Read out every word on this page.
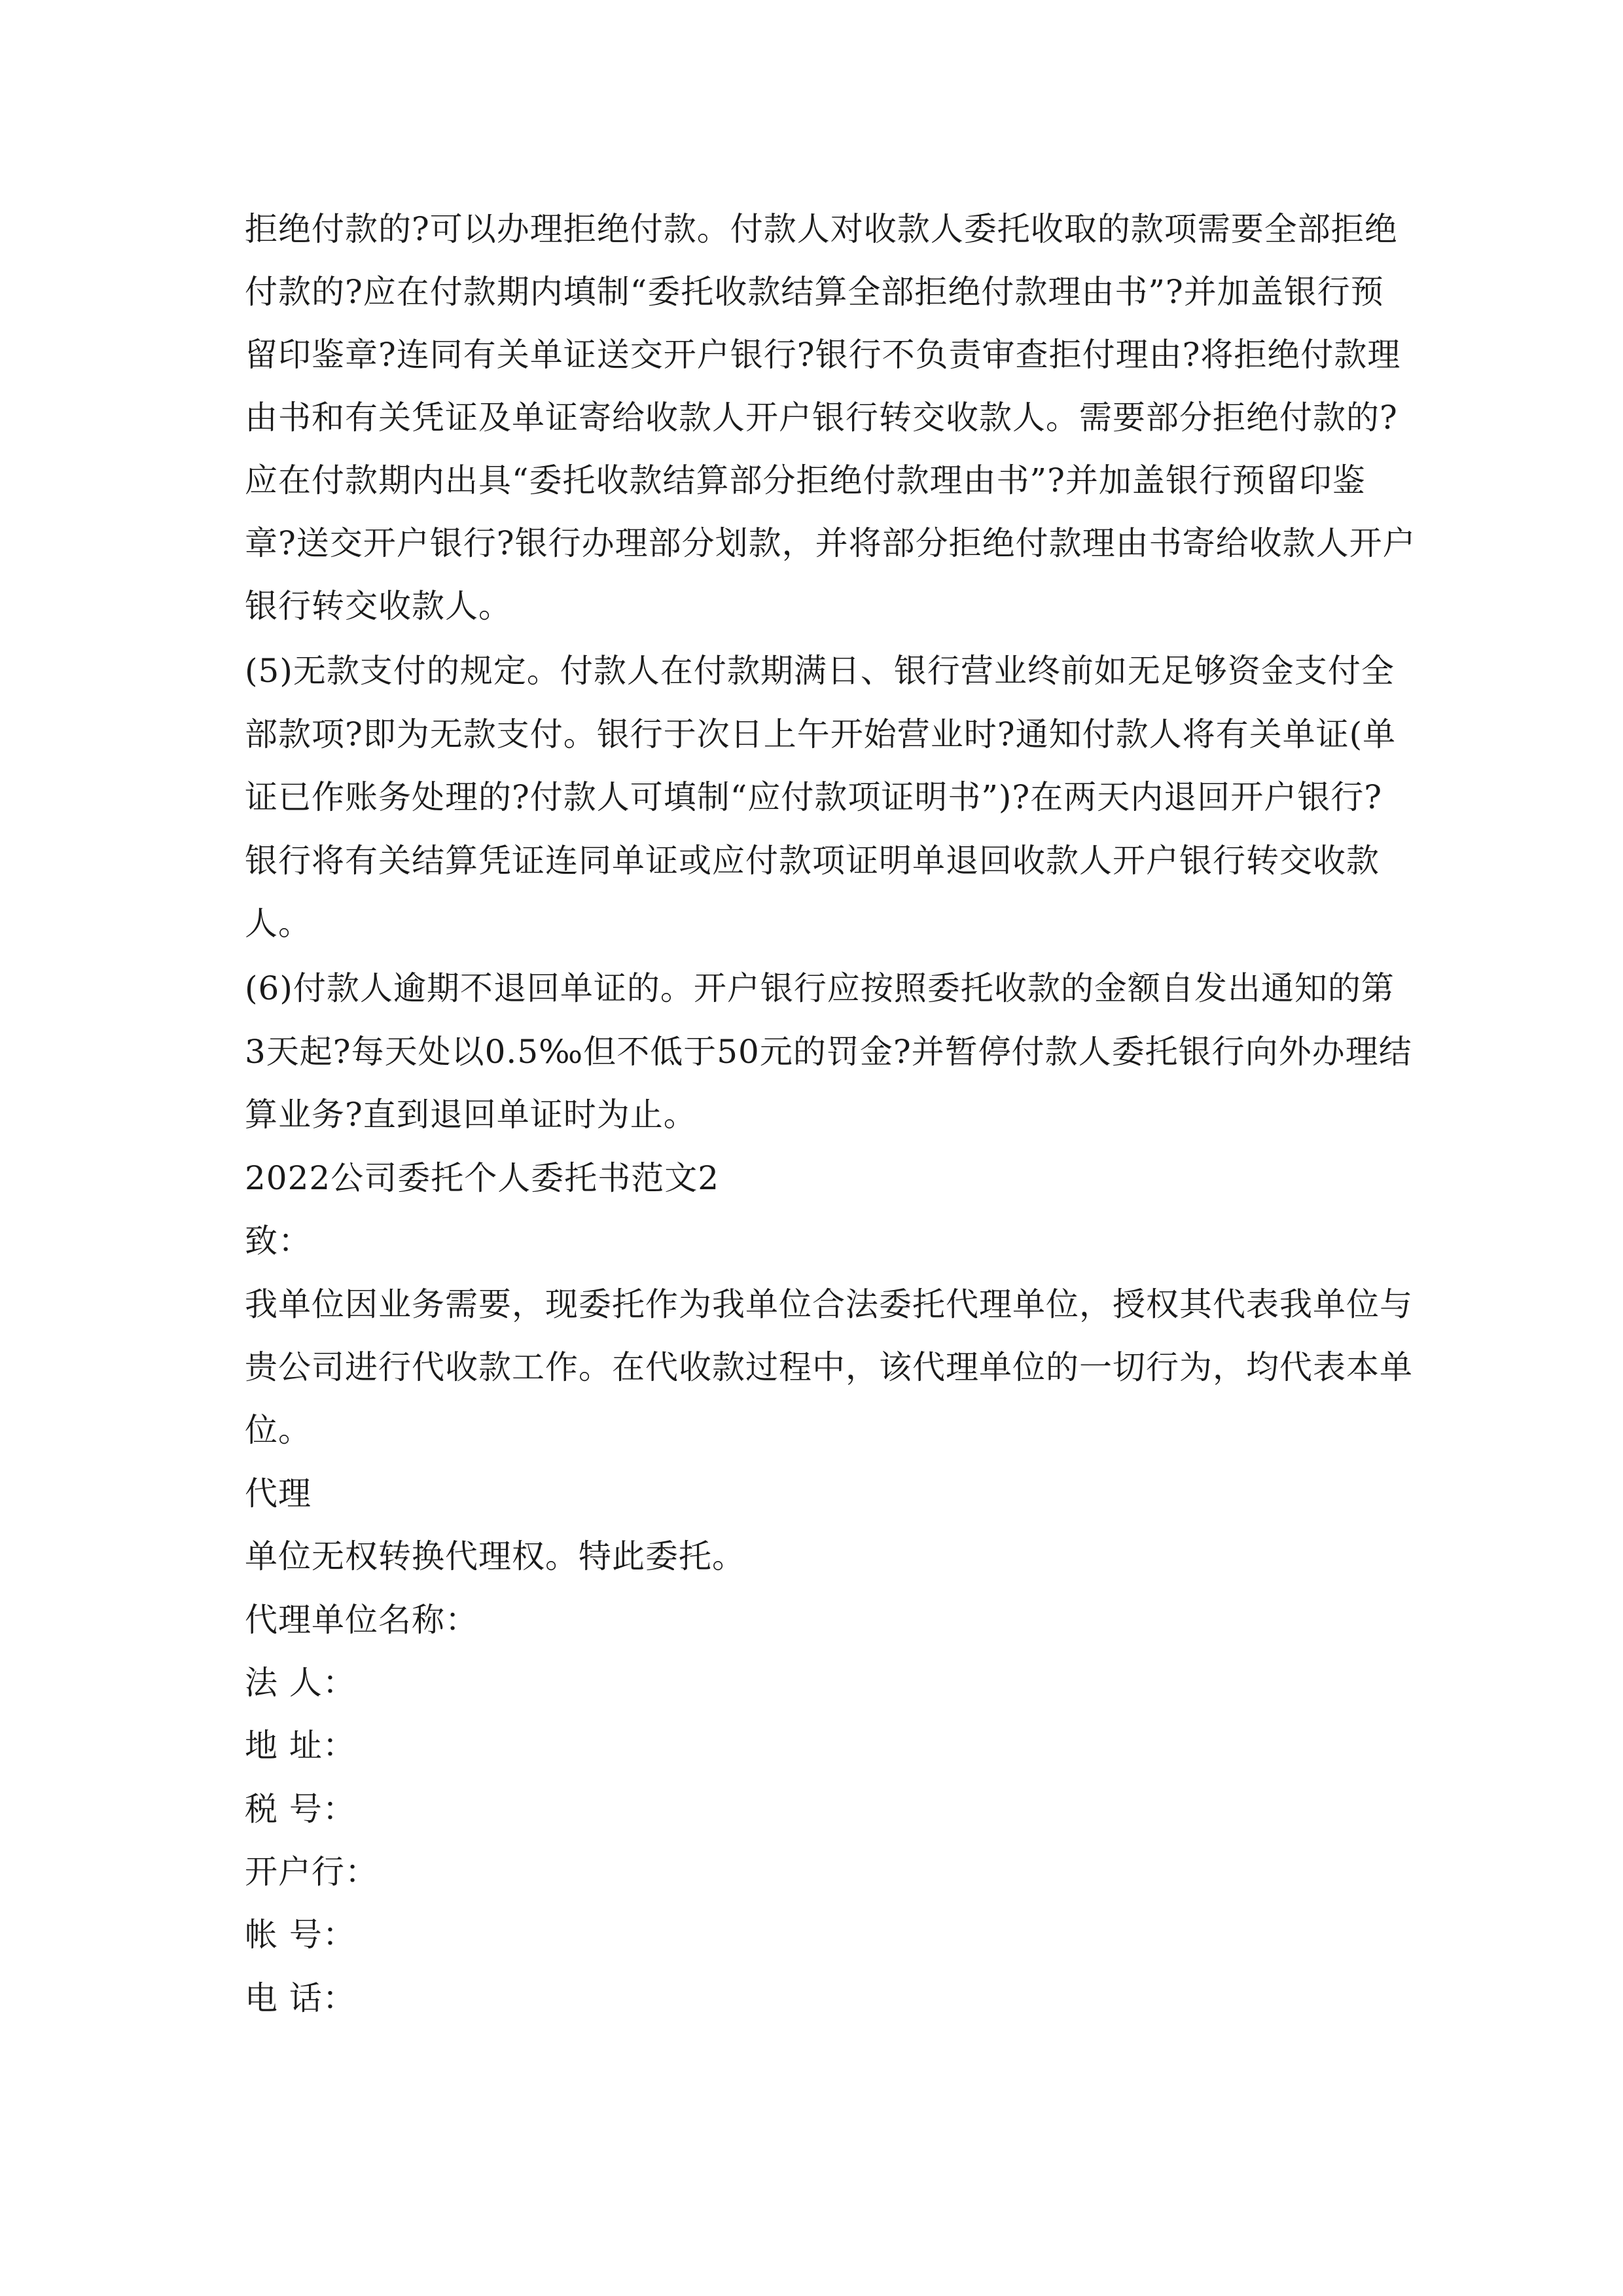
拒绝付款的?可以办理拒绝付款。付款人对收款人委托收取的款项需要全部拒绝
付款的?应在付款期内填制“委托收款结算全部拒绝付款理由书”?并加盖银行预
留印鉴章?连同有关单证送交开户银行?银行不负责审查拒付理由?将拒绝付款理
由书和有关凭证及单证寄给收款人开户银行转交收款人。需要部分拒绝付款的?
应在付款期内出具“委托收款结算部分拒绝付款理由书”?并加盖银行预留印鉴
章?送交开户银行?银行办理部分划款，并将部分拒绝付款理由书寄给收款人开户
银行转交收款人。
(5)无款支付的规定。付款人在付款期满日、银行营业终前如无足够资金支付全
部款项?即为无款支付。银行于次日上午开始营业时?通知付款人将有关单证(单
证已作账务处理的?付款人可填制“应付款项证明书”)?在两天内退回开户银行?
银行将有关结算凭证连同单证或应付款项证明单退回收款人开户银行转交收款
人。
(6)付款人逾期不退回单证的。开户银行应按照委托收款的金额自发出通知的第
3天起?每天处以0.5‰但不低于50元的罚金?并暂停付款人委托银行向外办理结
算业务?直到退回单证时为止。
2022公司委托个人委托书范文2
致：
我单位因业务需要，现委托作为我单位合法委托代理单位，授权其代表我单位与
贵公司进行代收款工作。在代收款过程中，该代理单位的一切行为，均代表本单
位。
代理
单位无权转换代理权。特此委托。
代理单位名称：
法 人：
地 址：
税 号：
开户行：
帐 号：
电 话：
